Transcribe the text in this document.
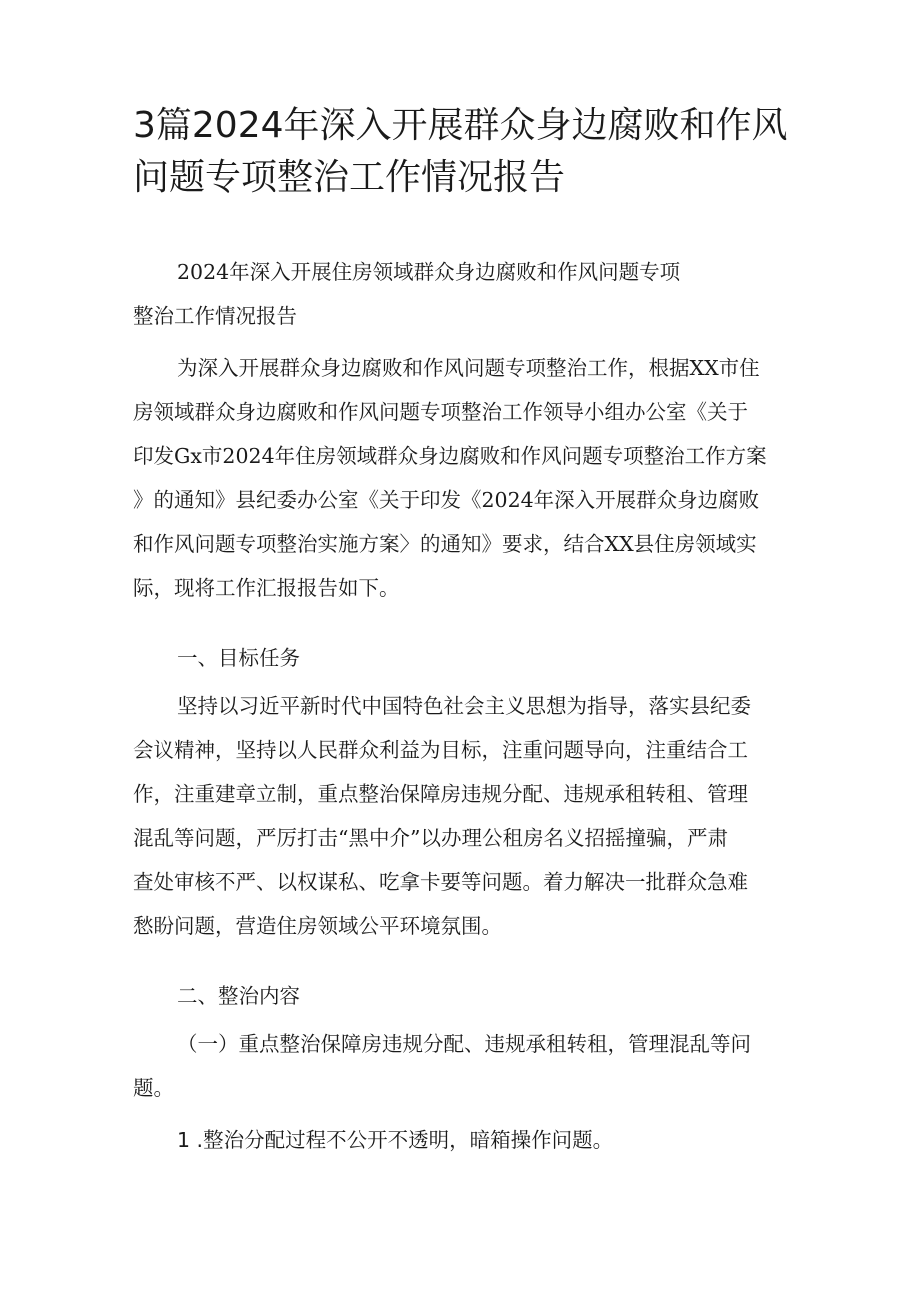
3篇2024年深入开展群众身边腐败和作风
问题专项整治工作情况报告
2024年深入开展住房领域群众身边腐败和作风问题专项
整治工作情况报告
为深入开展群众身边腐败和作风问题专项整治工作，根据XX市住
房领域群众身边腐败和作风问题专项整治工作领导小组办公室《关于
印发Gx市2024年住房领域群众身边腐败和作风问题专项整治工作方案
》的通知》县纪委办公室《关于印发《2024年深入开展群众身边腐败
和作风问题专项整治实施方案〉的通知》要求，结合XX县住房领域实
际，现将工作汇报报告如下。
一、目标任务
坚持以习近平新时代中国特色社会主义思想为指导，落实县纪委
会议精神，坚持以人民群众利益为目标，注重问题导向，注重结合工
作，注重建章立制，重点整治保障房违规分配、违规承租转租、管理
混乱等问题，严厉打击“黑中介”以办理公租房名义招摇撞骗，严肃
查处审核不严、以权谋私、吃拿卡要等问题。着力解决一批群众急难
愁盼问题，营造住房领域公平环境氛围。
二、整治内容
（一）重点整治保障房违规分配、违规承租转租，管理混乱等问
题。
1 .整治分配过程不公开不透明，暗箱操作问题。
